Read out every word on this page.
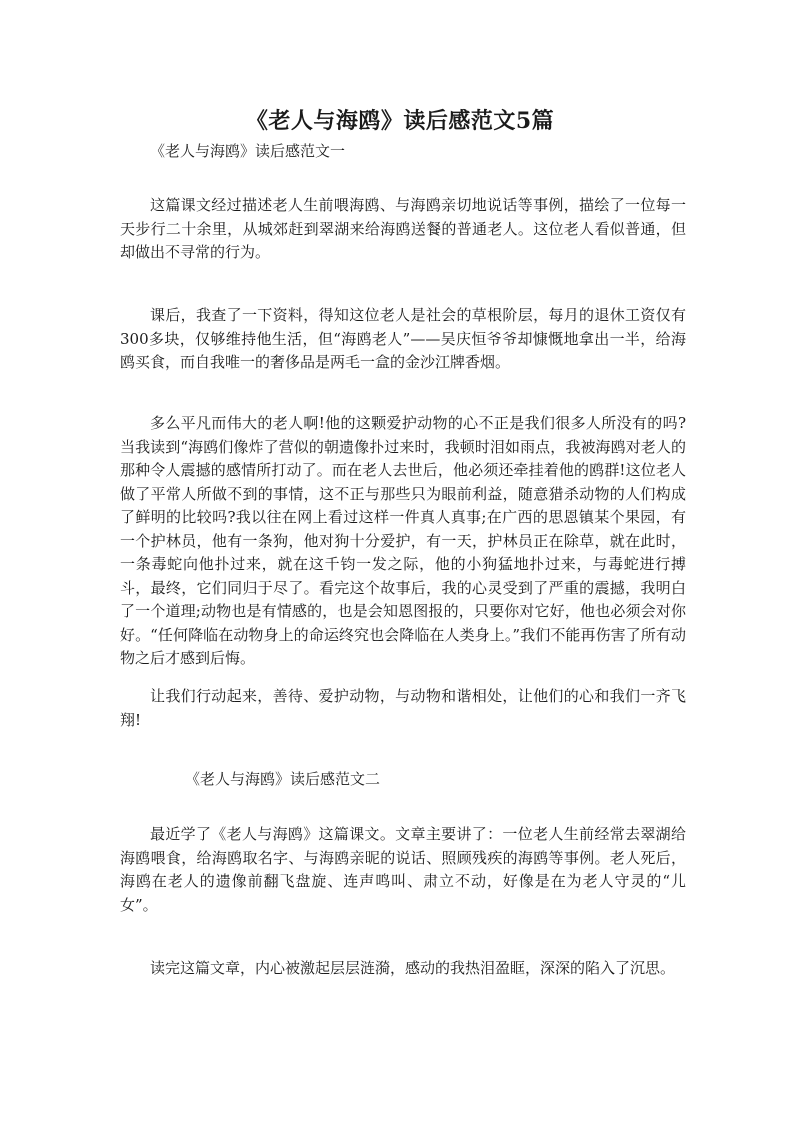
《老人与海鸥》读后感范文5篇
《老人与海鸥》读后感范文一

这篇课文经过描述老人生前喂海鸥、与海鸥亲切地说话等事例，描绘了一位每一天步行二十余里，从城郊赶到翠湖来给海鸥送餐的普通老人。这位老人看似普通，但却做出不寻常的行为。

课后，我查了一下资料，得知这位老人是社会的草根阶层，每月的退休工资仅有300多块，仅够维持他生活，但“海鸥老人”——吴庆恒爷爷却慷慨地拿出一半，给海鸥买食，而自我唯一的奢侈品是两毛一盒的金沙江牌香烟。

多么平凡而伟大的老人啊!他的这颗爱护动物的心不正是我们很多人所没有的吗?当我读到“海鸥们像炸了营似的朝遗像扑过来时，我顿时泪如雨点，我被海鸥对老人的那种令人震撼的感情所打动了。而在老人去世后，他必须还牵挂着他的鸥群!这位老人做了平常人所做不到的事情，这不正与那些只为眼前利益，随意猎杀动物的人们构成了鲜明的比较吗?我以往在网上看过这样一件真人真事;在广西的思恩镇某个果园，有一个护林员，他有一条狗，他对狗十分爱护，有一天，护林员正在除草，就在此时，一条毒蛇向他扑过来，就在这千钧一发之际，他的小狗猛地扑过来，与毒蛇进行搏斗，最终，它们同归于尽了。看完这个故事后，我的心灵受到了严重的震撼，我明白了一个道理;动物也是有情感的，也是会知恩图报的，只要你对它好，他也必须会对你好。“任何降临在动物身上的命运终究也会降临在人类身上。”我们不能再伤害了所有动物之后才感到后悔。

让我们行动起来，善待、爱护动物，与动物和谐相处，让他们的心和我们一齐飞翔!

《老人与海鸥》读后感范文二

最近学了《老人与海鸥》这篇课文。文章主要讲了：一位老人生前经常去翠湖给海鸥喂食，给海鸥取名字、与海鸥亲昵的说话、照顾残疾的海鸥等事例。老人死后，海鸥在老人的遗像前翻飞盘旋、连声鸣叫、肃立不动，好像是在为老人守灵的“儿女”。

读完这篇文章，内心被激起层层涟漪，感动的我热泪盈眶，深深的陷入了沉思。
